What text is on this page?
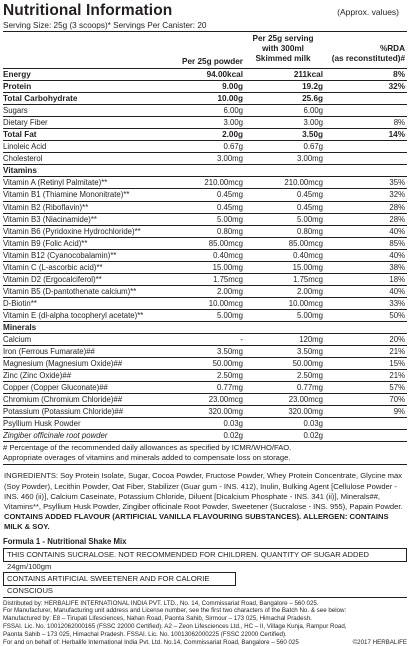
Nutritional Information	(Approx. values)
Serving Size: 25g (3 scoops)* Servings Per Canister: 20
Per 25g powder
Per 25g serving
with 300ml
Skimmed milk
%RDA
(as reconstituted)#
Energy	94.00kcal	211kcal	8%
Protein	9.00g	19.2g	32%
Total Carbohydrate	10.00g	25.6g
Sugars	6.00g	6.00g
Dietary Fiber	3.00g	3.00g	8%
Total Fat	2.00g	3.50g	14%
Linoleic Acid	0.67g	0.67g
Cholesterol	3.00mg	3.00mg
Vitamins
Vitamin A (Retinyl Palmitate)**	210.00mcg	210.00mcg	35%
Vitamin B1 (Thiamine Mononitrate)**	0.45mg	0.45mg	32%
Vitamin B2 (Riboflavin)**	0.45mg	0.45mg	28%
Vitamin B3 (Niacinamide)**	5.00mg	5.00mg	28%
Vitamin B6 (Pyridoxine Hydrochloride)**	0.80mg	0.80mg	40%
Vitamin B9 (Folic Acid)**	85.00mcg	85.00mcg	85%
Vitamin B12 (Cyanocobalamin)**	0.40mcg	0.40mcg	40%
Vitamin C (L-ascorbic acid)**	15.00mg	15.00mg	38%
Vitamin D2 (Ergocalciferol)**	1.75mcg	1.75mcg	18%
Vitamin B5 (D-pantothenate calcium)**	2.00mg	2.00mg	40%
D-Biotin**	10.00mcg	10.00mcg	33%
Vitamin E (dl-alpha tocopheryl acetate)**	5.00mg	5.00mg	50%
Minerals
Calcium	-	120mg	20%
Iron (Ferrous Fumarate)##	3.50mg	3.50mg	21%
Magnesium (Magnesium Oxide)##	50.00mg	50.00mg	15%
Zinc (Zinc Oxide)##	2.50mg	2.50mg	21%
Copper (Copper Gluconate)##	0.77mg	0.77mg	57%
Chromium (Chromium Chloride)##	23.00mcg	23.00mcg	70%
Potassium (Potassium Chloride)##	320.00mg	320.00mg	9%
Psyllium Husk Powder	0.03g	0.03g
Zingiber officinale root powder	0.02g	0.02g
# Percentage of the recommended daily allowances as specified by ICMR/WHO/FAO.
Appropriate overages of vitamins and minerals added to compensate loss on storage.
INGREDIENTS: Soy Protein Isolate, Sugar, Cocoa Powder, Fructose Powder, Whey Protein Concentrate, Glycine max (Soy Powder), Lecithin Powder, Oat Fiber, Stabilizer (Guar gum - INS. 412), Inulin, Bulking Agent [Cellulose Powder - INS. 460 (ii)], Calcium Caseinate, Potassium Chloride, Diluent [Dicalcium Phosphate - INS. 341 (ii)], Minerals##, Vitamins**, Psyllium Husk Powder, Zingiber officinale Root Powder, Sweetener (Sucralose - INS. 955), Papain Powder. CONTAINS ADDED FLAVOUR (ARTIFICIAL VANILLA FLAVOURING SUBSTANCES). ALLERGEN: CONTAINS MILK & SOY.
Formula 1 - Nutritional Shake Mix
THIS CONTAINS SUCRALOSE. NOT RECOMMENDED FOR CHILDREN. QUANTITY OF SUGAR ADDED 24gm/100gm
CONTAINS ARTIFICIAL SWEETENER AND FOR CALORIE CONSCIOUS
Distributed by: HERBALIFE INTERNATIONAL INDIA PVT. LTD., No. 14, Commissariat Road, Bangalore – 560 025.
For Manufacturer, Manufacturing unit address and License number, see the first two characters of the Batch No. & see below:
Manufactured by: E8 – Tirupati Lifesciences, Nahan Road, Paonta Sahib, Sirmour – 173 025, Himachal Pradesh.
FSSAI. Lic. No. 10012062000165 (FSSC 22000 Certified). A2 – Zeon Lifesciences Ltd., HC – II, Village Kunja, Rampur Road,
Paonta Sahib – 173 025, Himachal Pradesh. FSSAI. Lic. No. 10013062000225 (FSSC 22000 Certified).
For and on behalf of: Herbalife International India Pvt. Ltd. No.14, Commissariat Road, Bangalore – 560 025	©2017 HERBALIFE
